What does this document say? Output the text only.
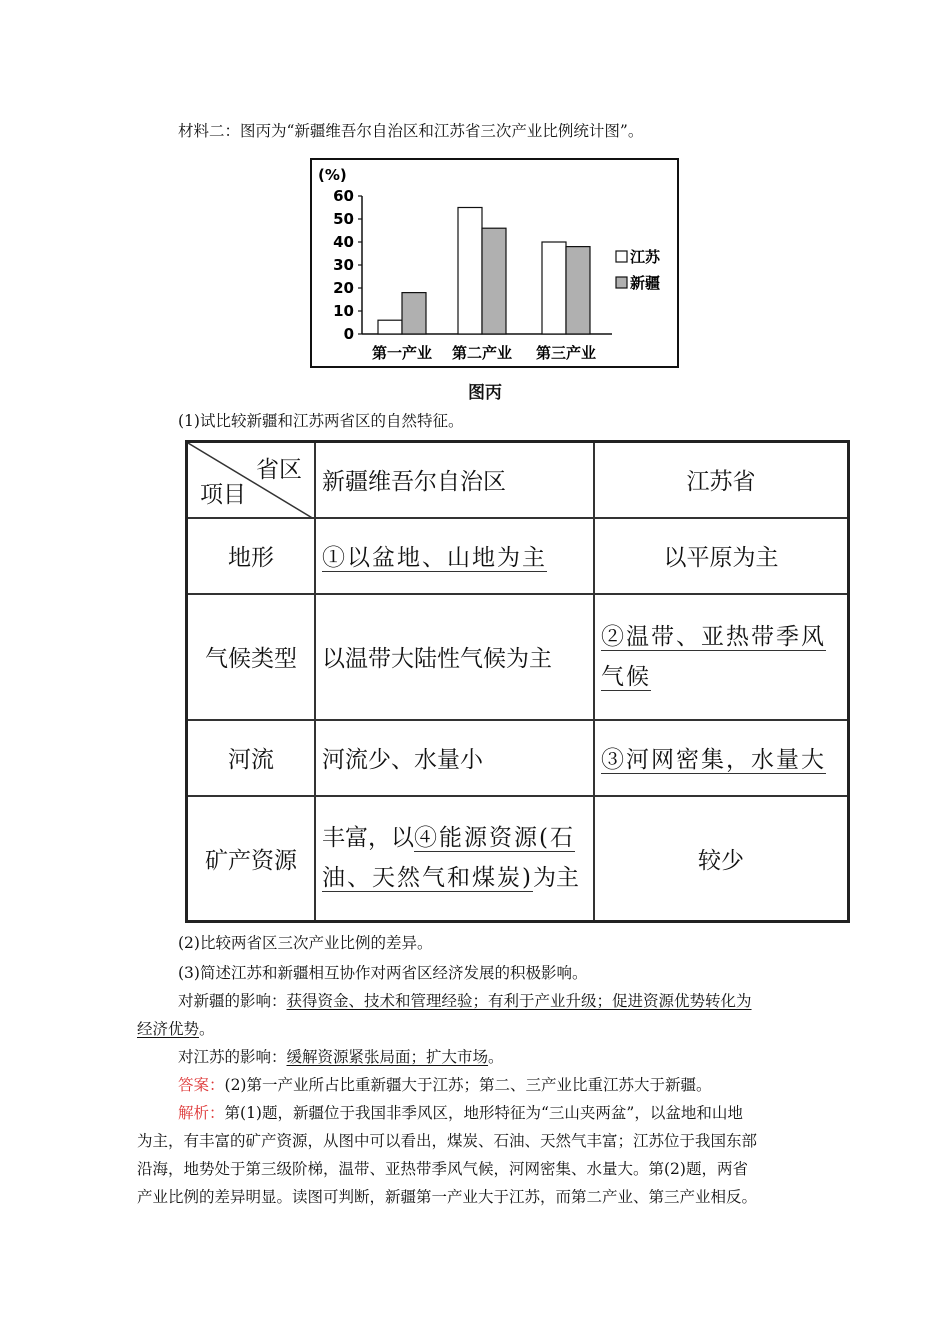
材料二：图丙为“新疆维吾尔自治区和江苏省三次产业比例统计图”。
(%)
0
10
20
30
40
50
60
第一产业 第二产业 第三产业
江苏
新疆
图丙
(1)试比较新疆和江苏两省区的自然特征。
省区
项目	新疆维吾尔自治区	江苏省
地形	①以盆地、山地为主	以平原为主
气候类型	以温带大陆性气候为主	②温带、亚热带季风气候
河流	河流少、水量小	③河网密集，水量大
矿产资源	丰富，以④能源资源(石油、天然气和煤炭)为主	较少
(2)比较两省区三次产业比例的差异。
(3)简述江苏和新疆相互协作对两省区经济发展的积极影响。
对新疆的影响：获得资金、技术和管理经验；有利于产业升级；促进资源优势转化为
经济优势。
对江苏的影响：缓解资源紧张局面；扩大市场。
答案：(2)第一产业所占比重新疆大于江苏；第二、三产业比重江苏大于新疆。
解析：第(1)题，新疆位于我国非季风区，地形特征为“三山夹两盆”，以盆地和山地
为主，有丰富的矿产资源，从图中可以看出，煤炭、石油、天然气丰富；江苏位于我国东部
沿海，地势处于第三级阶梯，温带、亚热带季风气候，河网密集、水量大。第(2)题，两省
产业比例的差异明显。读图可判断，新疆第一产业大于江苏，而第二产业、第三产业相反。
